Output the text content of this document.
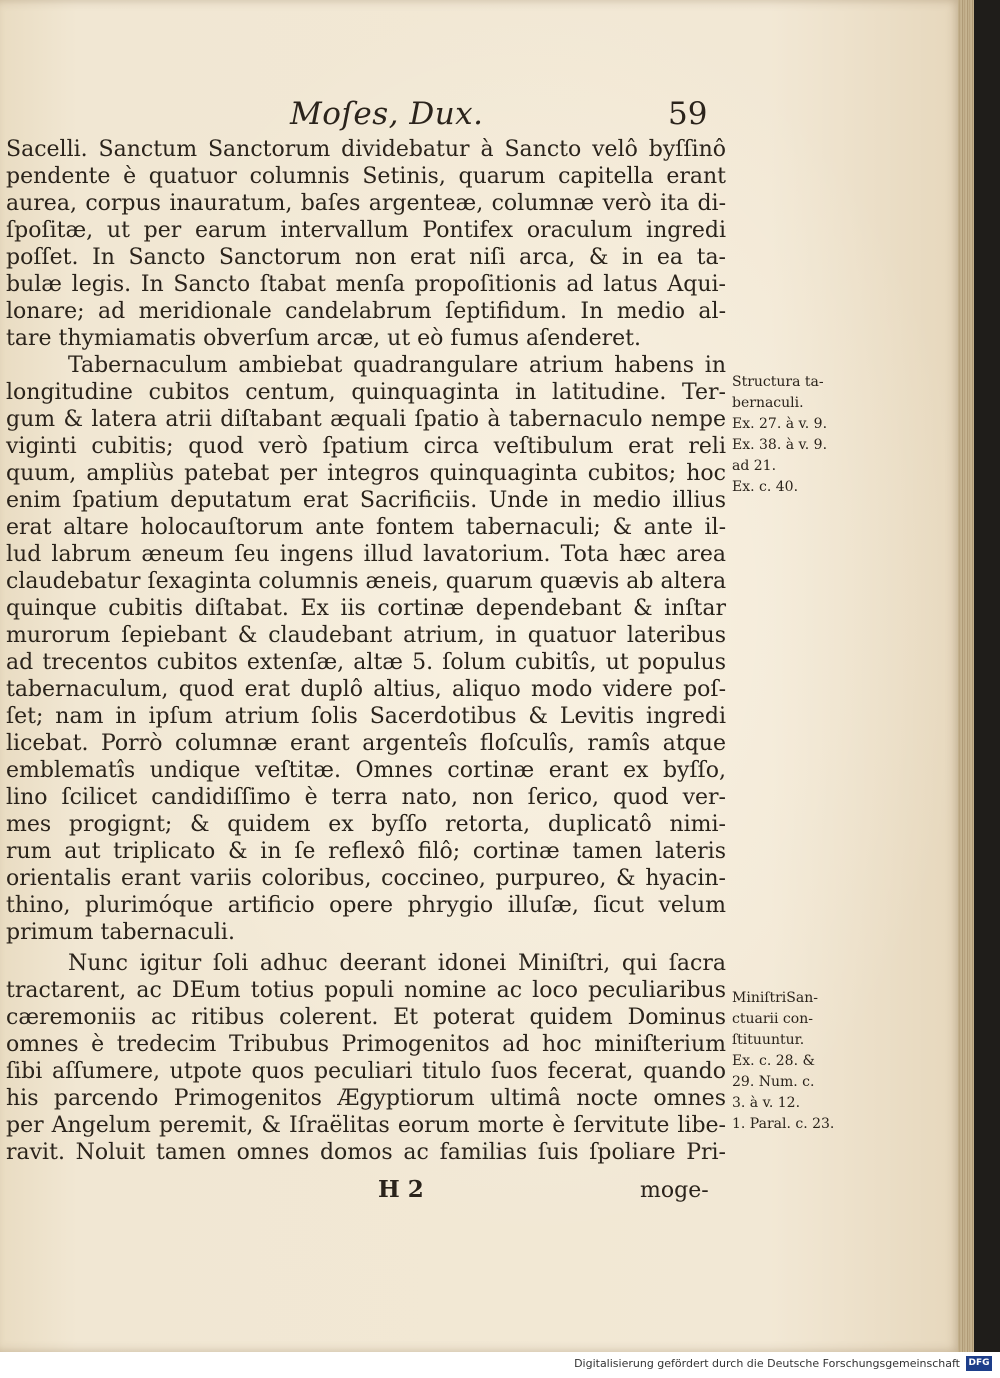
Moſes, Dux.	59
Sacelli. Sanctum Sanctorum dividebatur à Sancto velô byſſinô
pendente è quatuor columnis Setinis, quarum capitella erant
aurea, corpus inauratum, baſes argenteæ, columnæ verò ita di-
ſpoſitæ, ut per earum intervallum Pontifex oraculum ingredi
poſſet. In Sancto Sanctorum non erat niſi arca, & in ea ta-
bulæ legis. In Sancto ſtabat menſa propoſitionis ad latus Aqui-
lonare; ad meridionale candelabrum ſeptifidum. In medio al-
tare thymiamatis obverſum arcæ, ut eò fumus aſenderet.
Tabernaculum ambiebat quadrangulare atrium habens in
longitudine cubitos centum, quinquaginta in latitudine. Ter-
gum & latera atrii diſtabant æquali ſpatio à tabernaculo nempe
viginti cubitis; quod verò ſpatium circa veſtibulum erat reli
quum, ampliùs patebat per integros quinquaginta cubitos; hoc
enim ſpatium deputatum erat Sacrificiis. Unde in medio illius
erat altare holocauſtorum ante fontem tabernaculi; & ante il-
lud labrum æneum ſeu ingens illud lavatorium. Tota hæc area
claudebatur ſexaginta columnis æneis, quarum quævis ab altera
quinque cubitis diſtabat. Ex iis cortinæ dependebant & inſtar
murorum ſepiebant & claudebant atrium, in quatuor lateribus
ad trecentos cubitos extenſæ, altæ 5. ſolum cubitîs, ut populus
tabernaculum, quod erat duplô altius, aliquo modo videre poſ-
ſet; nam in ipſum atrium ſolis Sacerdotibus & Levitis ingredi
licebat. Porrò columnæ erant argenteîs floſculîs, ramîs atque
emblematîs undique veſtitæ. Omnes cortinæ erant ex byſſo,
lino ſcilicet candidiſſimo è terra nato, non ſerico, quod ver-
mes progignt; & quidem ex byſſo retorta, duplicatô nimi-
rum aut triplicato & in ſe reflexô filô; cortinæ tamen lateris
orientalis erant variis coloribus, coccineo, purpureo, & hyacin-
thino, plurimóque artificio opere phrygio illuſæ, ſicut velum
primum tabernaculi.
Nunc igitur ſoli adhuc deerant idonei Miniſtri, qui ſacra
tractarent, ac DEum totius populi nomine ac loco peculiaribus
cæremoniis ac ritibus colerent. Et poterat quidem Dominus
omnes è tredecim Tribubus Primogenitos ad hoc miniſterium
ſibi aſſumere, utpote quos peculiari titulo ſuos fecerat, quando
his parcendo Primogenitos Ægyptiorum ultimâ nocte omnes
per Angelum peremit, & Iſraëlitas eorum morte è ſervitute libe-
ravit. Noluit tamen omnes domos ac familias ſuis ſpoliare Pri-
H 2	moge-
Structura ta-
bernaculi.
Ex. 27. à v. 9.
Ex. 38. à v. 9.
ad 21.
Ex. c. 40.
MiniſtriSan-
ctuarii con-
ſtituuntur.
Ex. c. 28. &
29. Num. c.
3. à v. 12.
1. Paral. c. 23.
Digitalisierung gefördert durch die Deutsche Forschungsgemeinschaft DFG
